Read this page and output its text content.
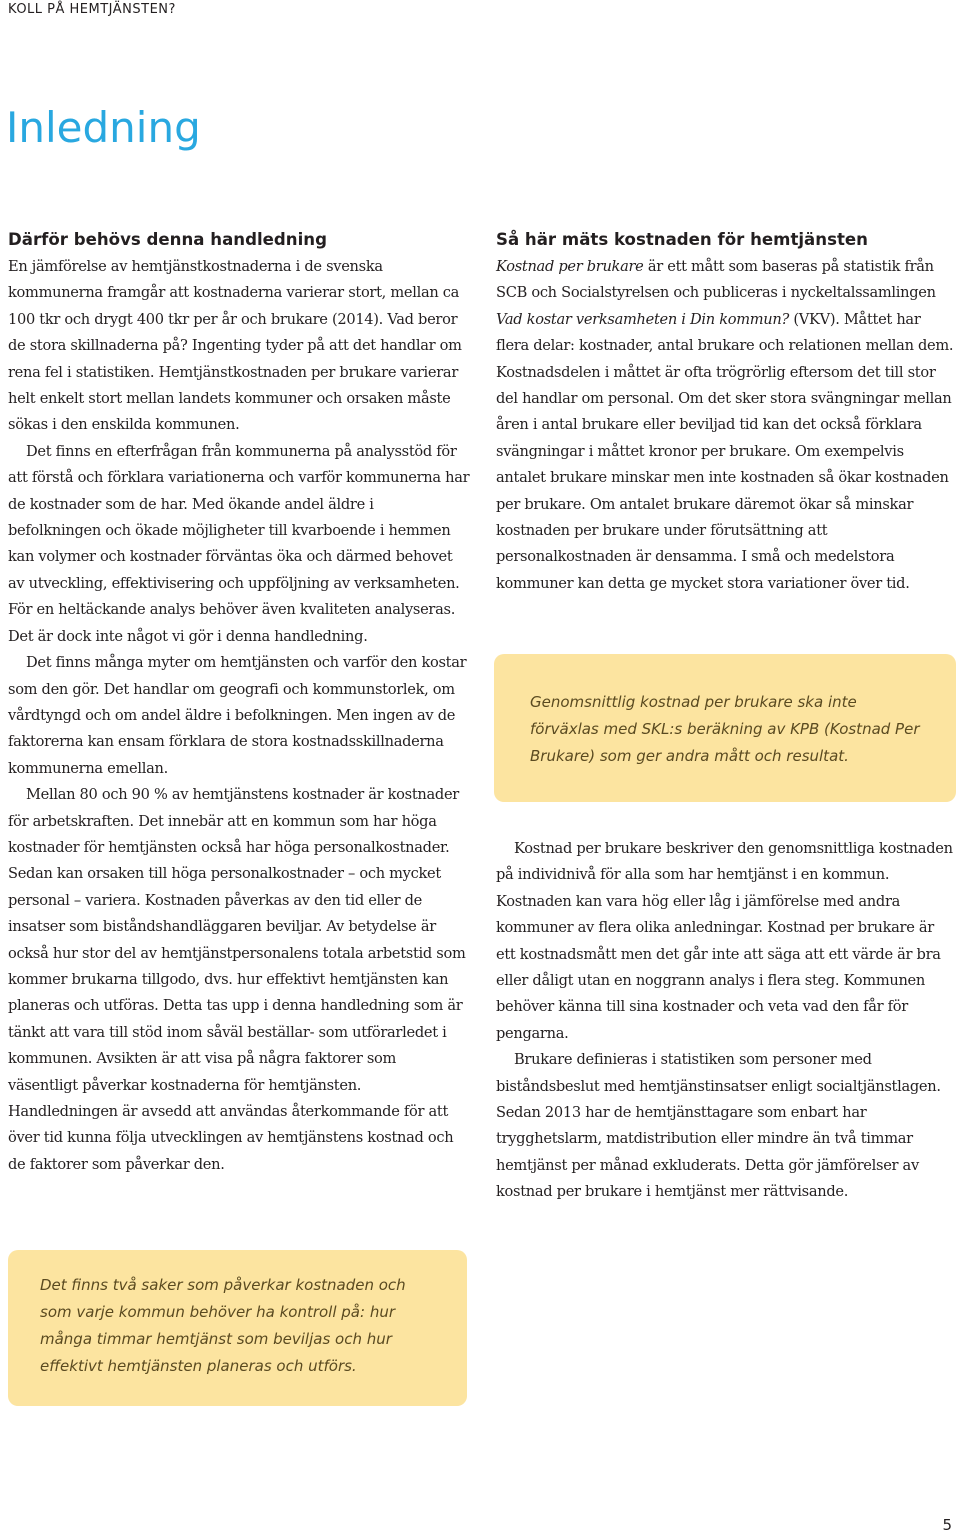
KOLL PÅ HEMTJÄNSTEN?
Inledning
Därför behövs denna handledning

En jämförelse av hemtjänstkostnaderna i de svenska kommunerna framgår att kostnaderna varierar stort, mellan ca 100 tkr och drygt 400 tkr per år och brukare (2014). Vad beror de stora skillnaderna på? Ingenting tyder på att det handlar om rena fel i statistiken. Hemtjänstkostnaden per brukare varierar helt enkelt stort mellan landets kommuner och orsaken måste sökas i den enskilda kommunen.

Det finns en efterfrågan från kommunerna på analysstöd för att förstå och förklara variationerna och varför kommunerna har de kostnader som de har. Med ökande andel äldre i befolkningen och ökade möjligheter till kvarboende i hemmen kan volymer och kostnader förväntas öka och därmed behovet av utveckling, effektivisering och uppföljning av verksamheten. För en heltäckande analys behöver även kvaliteten analyseras. Det är dock inte något vi gör i denna handledning.

Det finns många myter om hemtjänsten och varför den kostar som den gör. Det handlar om geografi och kommunstorlek, om vårdtyngd och om andel äldre i befolkningen. Men ingen av de faktorerna kan ensam förklara de stora kostnadsskillnaderna kommunerna emellan.

Mellan 80 och 90 % av hemtjänstens kostnader är kostnader för arbetskraften. Det innebär att en kommun som har höga kostnader för hemtjänsten också har höga personalkostnader. Sedan kan orsaken till höga personalkostnader – och mycket personal – variera. Kostnaden påverkas av den tid eller de insatser som biståndshandläggaren beviljar. Av betydelse är också hur stor del av hemtjänstpersonalens totala arbetstid som kommer brukarna tillgodo, dvs. hur effektivt hemtjänsten kan planeras och utföras. Detta tas upp i denna handledning som är tänkt att vara till stöd inom såväl beställar- som utförarledet i kommunen. Avsikten är att visa på några faktorer som väsentligt påverkar kostnaderna för hemtjänsten. Handledningen är avsedd att användas återkommande för att över tid kunna följa utvecklingen av hemtjänstens kostnad och de faktorer som påverkar den.

Så här mäts kostnaden för hemtjänsten

Kostnad per brukare är ett mått som baseras på statistik från SCB och Socialstyrelsen och publiceras i nyckeltalssamlingen Vad kostar verksamheten i Din kommun? (VKV). Måttet har flera delar: kostnader, antal brukare och relationen mellan dem. Kostnadsdelen i måttet är ofta trögrörlig eftersom det till stor del handlar om personal. Om det sker stora svängningar mellan åren i antal brukare eller beviljad tid kan det också förklara svängningar i måttet kronor per brukare. Om exempelvis antalet brukare minskar men inte kostnaden så ökar kostnaden per brukare. Om antalet brukare däremot ökar så minskar kostnaden per brukare under förutsättning att personalkostnaden är densamma. I små och medelstora kommuner kan detta ge mycket stora variationer över tid.

Genomsnittlig kostnad per brukare ska inte förväxlas med SKL:s beräkning av KPB (Kostnad Per Brukare) som ger andra mått och resultat.

Kostnad per brukare beskriver den genomsnittliga kostnaden på individnivå för alla som har hemtjänst i en kommun. Kostnaden kan vara hög eller låg i jämförelse med andra kommuner av flera olika anledningar. Kostnad per brukare är ett kostnadsmått men det går inte att säga att ett värde är bra eller dåligt utan en noggrann analys i flera steg. Kommunen behöver känna till sina kostnader och veta vad den får för pengarna.

Brukare definieras i statistiken som personer med biståndsbeslut med hemtjänstinsatser enligt socialtjänstlagen. Sedan 2013 har de hemtjänsttagare som enbart har trygghetslarm, matdistribution eller mindre än två timmar hemtjänst per månad exkluderats. Detta gör jämförelser av kostnad per brukare i hemtjänst mer rättvisande.

Det finns två saker som påverkar kostnaden och som varje kommun behöver ha kontroll på: hur många timmar hemtjänst som beviljas och hur effektivt hemtjänsten planeras och utförs.
5
